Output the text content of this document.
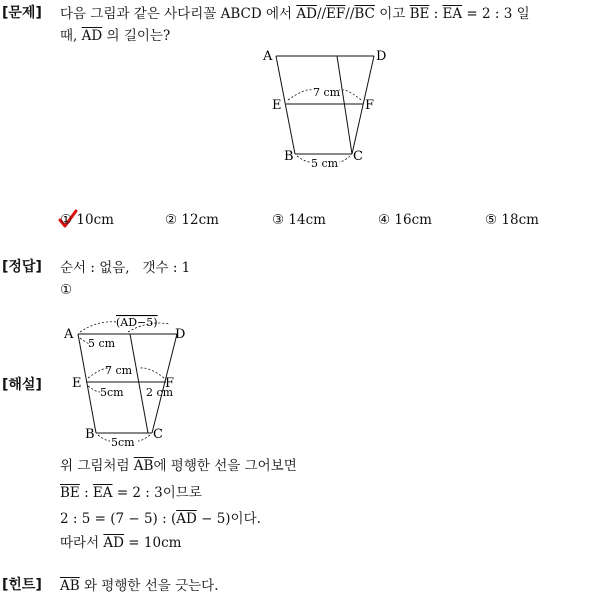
[문제] 다음 그림과 같은 사다리꼴 ABCD 에서 $\overline{AD}//\overline{EF}//\overline{BC}$ 이고 $\overline{BE}$ : $\overline{EA} = 2$ : 3 일
때, $\overline{AD}$ 의 길이는?
A	D
E	F
B	C
7 cm
5 cm
① 10cm	② 12cm	③ 14cm	④ 16cm	⑤ 18cm
[정답] 순서 : 없음, 갯수 : 1
①
A	D
E	F
B	C
(AD−5)
5 cm
7 cm
5cm 2 cm
5cm
[해설]
위 그림처럼 $\overline{AB}$에 평행한 선을 그어보면
$\overline{BE}$ : $\overline{EA} = 2$ : 3이므로
2 : 5 = (7 − 5) : $(\overline{AD} - 5)$이다.
따라서 $\overline{AD} = 10cm$
[힌트] $\overline{AB}$ 와 평행한 선을 긋는다.
